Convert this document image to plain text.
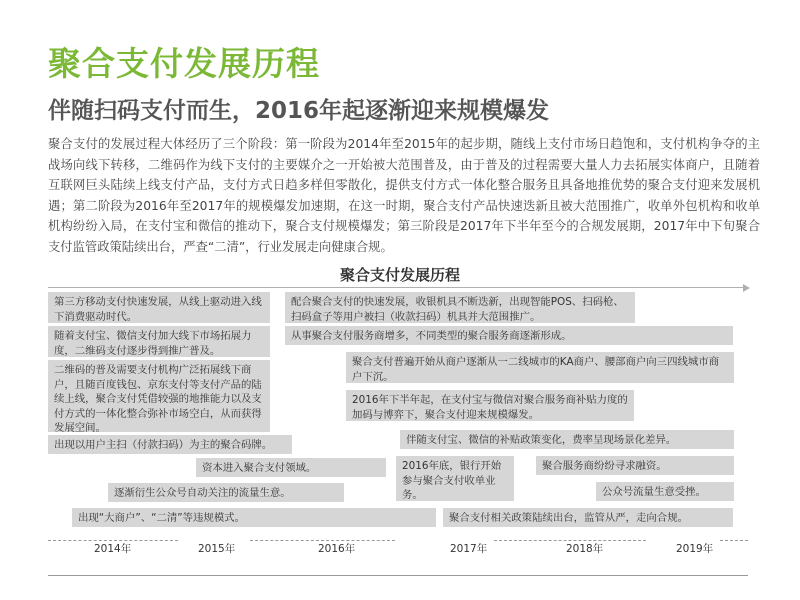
聚合支付发展历程
伴随扫码支付而生，2016年起逐渐迎来规模爆发
聚合支付的发展过程大体经历了三个阶段：第一阶段为2014年至2015年的起步期，随线上支付市场日趋饱和，支付机构争夺的主战场向线下转移，二维码作为线下支付的主要媒介之一开始被大范围普及，由于普及的过程需要大量人力去拓展实体商户，且随着互联网巨头陆续上线支付产品，支付方式日趋多样但零散化，提供支付方式一体化整合服务且具备地推优势的聚合支付迎来发展机遇；第二阶段为2016年至2017年的规模爆发加速期，在这一时期，聚合支付产品快速迭新且被大范围推广，收单外包机构和收单机构纷纷入局，在支付宝和微信的推动下，聚合支付规模爆发；第三阶段是2017年下半年至今的合规发展期，2017年中下旬聚合支付监管政策陆续出台，严查“二清”，行业发展走向健康合规。
聚合支付发展历程
第三方移动支付快速发展，从线上驱动进入线下消费驱动时代。
随着支付宝、微信支付加大线下市场拓展力度，二维码支付逐步得到推广普及。
二维码的普及需要支付机构广泛拓展线下商户，且随百度钱包、京东支付等支付产品的陆续上线，聚合支付凭借较强的地推能力以及支付方式的一体化整合弥补市场空白，从而获得发展空间。
出现以用户主扫（付款扫码）为主的聚合码牌。
资本进入聚合支付领域。
逐渐衍生公众号自动关注的流量生意。
出现“大商户”、“二清”等违规模式。
配合聚合支付的快速发展，收银机具不断迭新，出现智能POS、扫码枪、扫码盒子等用户被扫（收款扫码）机具并大范围推广。
从事聚合支付服务商增多，不同类型的聚合服务商逐渐形成。
聚合支付普遍开始从商户逐渐从一二线城市的KA商户、腰部商户向三四线城市商户下沉。
2016年下半年起，在支付宝与微信对聚合服务商补贴力度的加码与博弈下，聚合支付迎来规模爆发。
伴随支付宝、微信的补贴政策变化，费率呈现场景化差异。
2016年底，银行开始参与聚合支付收单业务。
聚合服务商纷纷寻求融资。
公众号流量生意受挫。
聚合支付相关政策陆续出台，监管从严，走向合规。
2014年	2015年	2016年	2017年	2018年	2019年
